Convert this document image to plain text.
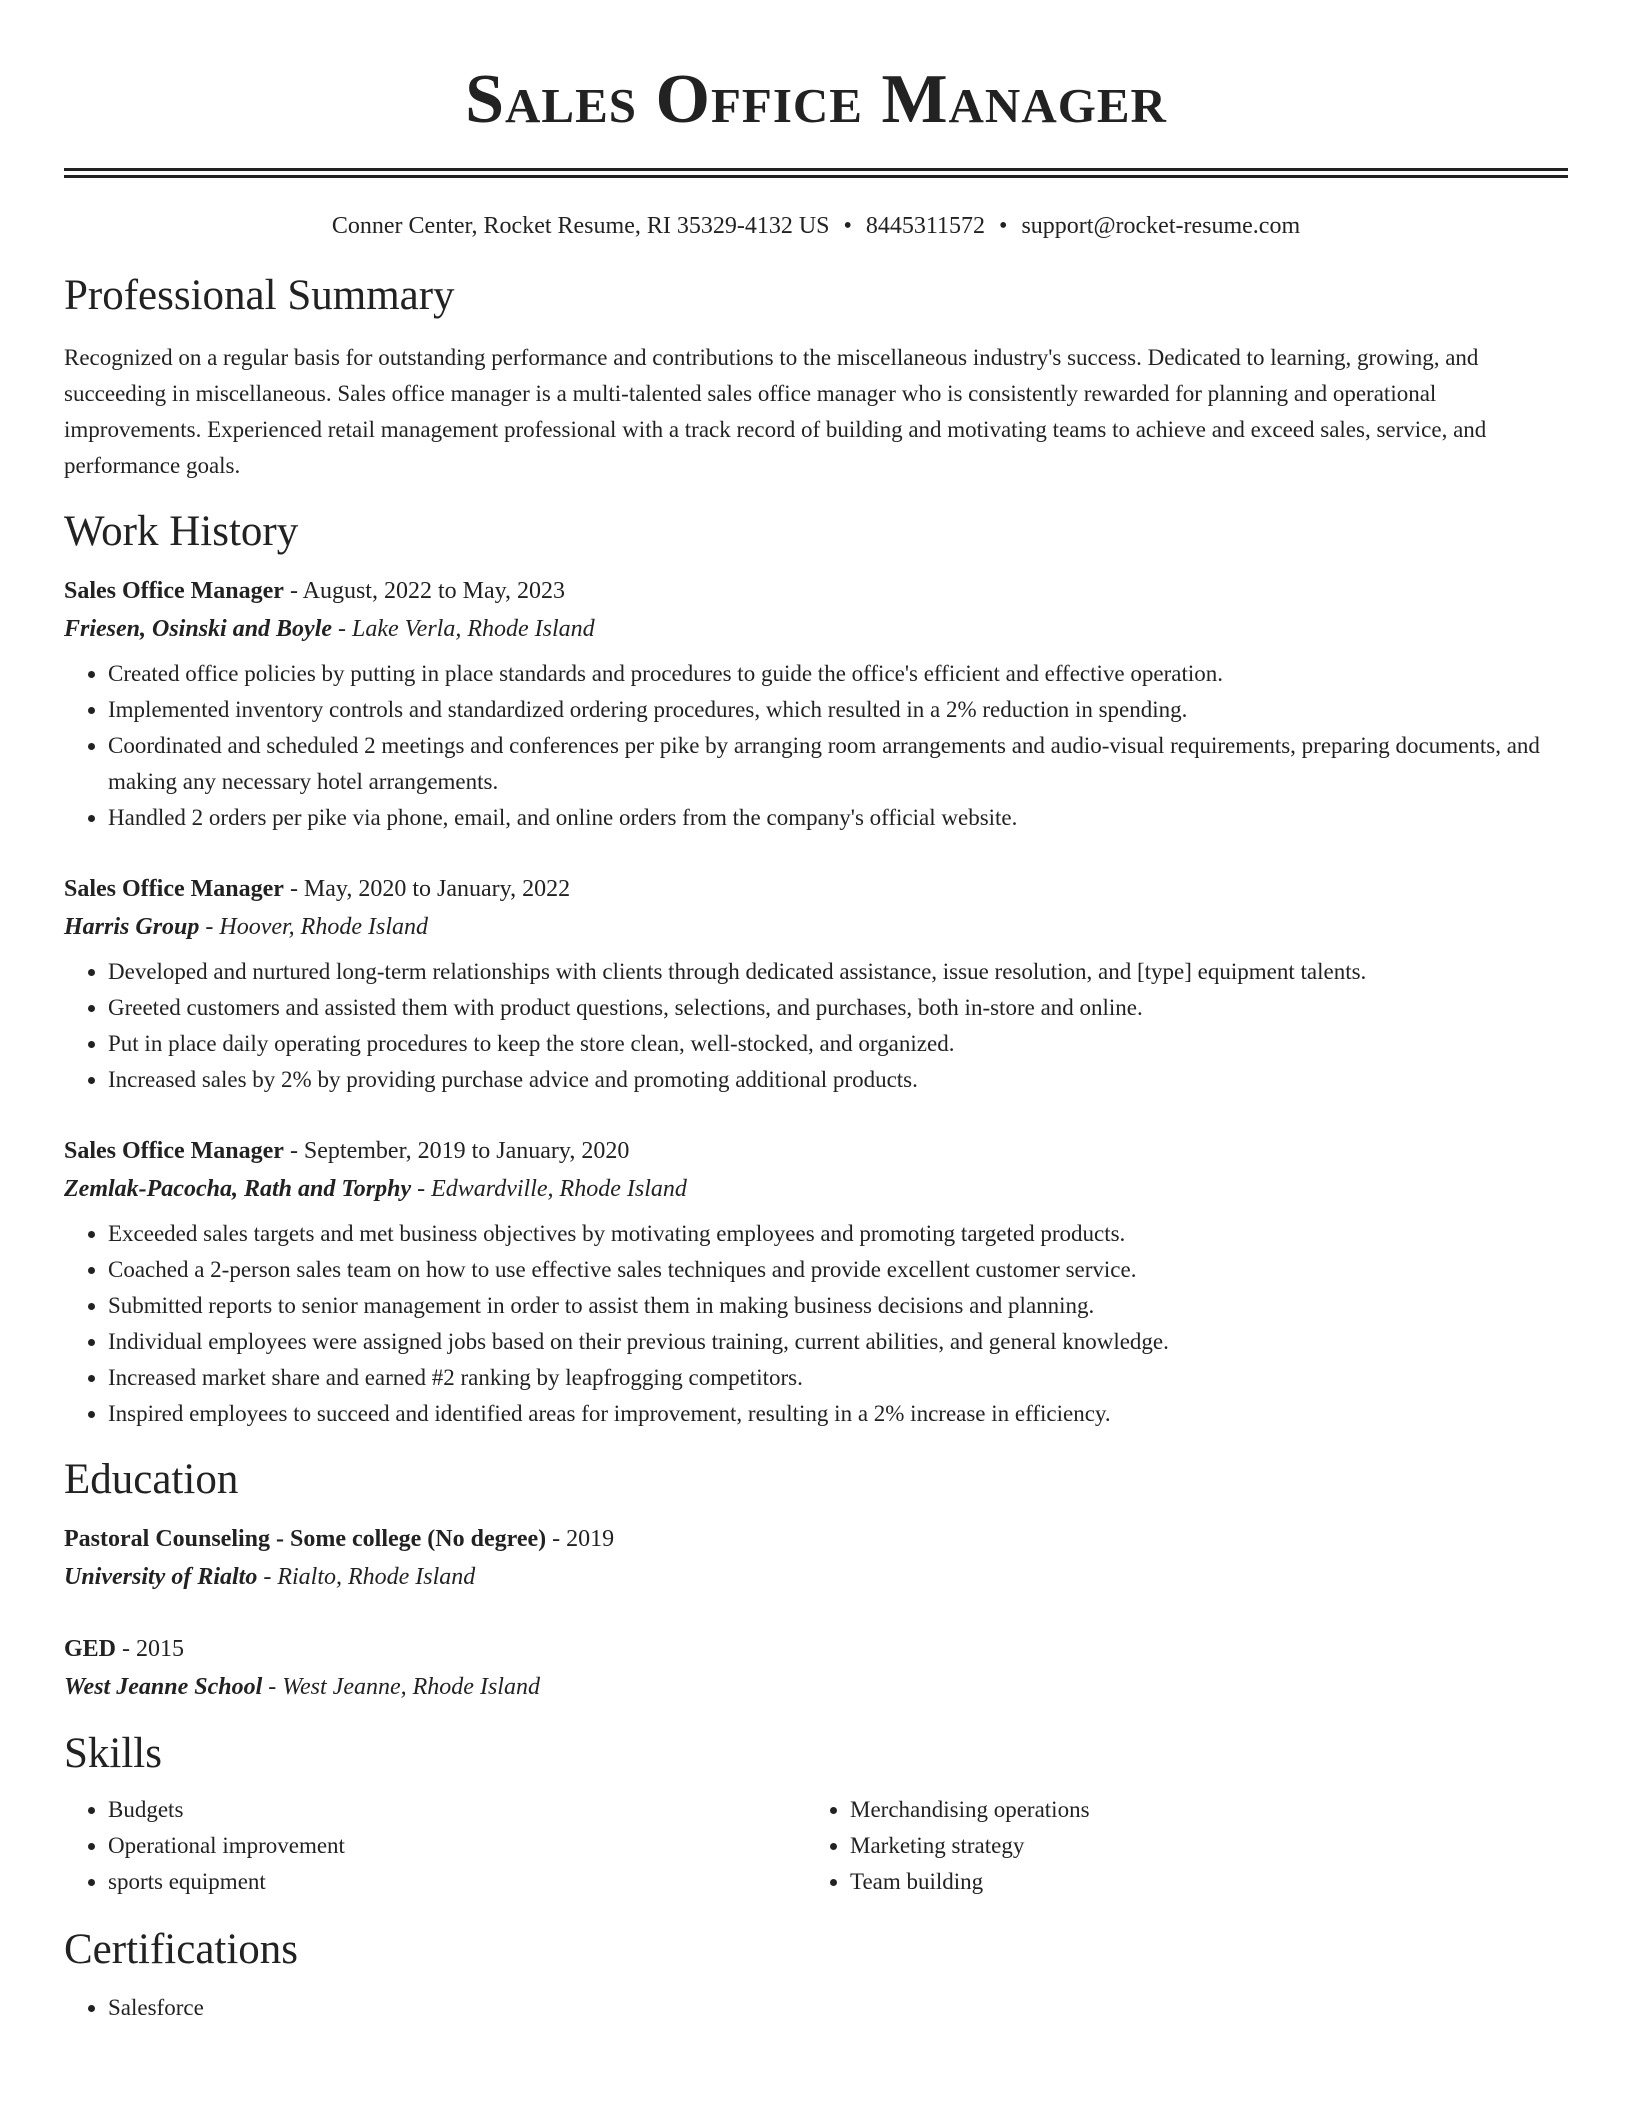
Sales Office Manager
Conner Center, Rocket Resume, RI 35329-4132 US • 8445311572 • support@rocket-resume.com
Professional Summary
Recognized on a regular basis for outstanding performance and contributions to the miscellaneous industry's success. Dedicated to learning, growing, and succeeding in miscellaneous. Sales office manager is a multi-talented sales office manager who is consistently rewarded for planning and operational improvements. Experienced retail management professional with a track record of building and motivating teams to achieve and exceed sales, service, and performance goals.
Work History
Sales Office Manager - August, 2022 to May, 2023
Friesen, Osinski and Boyle - Lake Verla, Rhode Island
• Created office policies by putting in place standards and procedures to guide the office's efficient and effective operation.
• Implemented inventory controls and standardized ordering procedures, which resulted in a 2% reduction in spending.
• Coordinated and scheduled 2 meetings and conferences per pike by arranging room arrangements and audio-visual requirements, preparing documents, and making any necessary hotel arrangements.
• Handled 2 orders per pike via phone, email, and online orders from the company's official website.
Sales Office Manager - May, 2020 to January, 2022
Harris Group - Hoover, Rhode Island
• Developed and nurtured long-term relationships with clients through dedicated assistance, issue resolution, and [type] equipment talents.
• Greeted customers and assisted them with product questions, selections, and purchases, both in-store and online.
• Put in place daily operating procedures to keep the store clean, well-stocked, and organized.
• Increased sales by 2% by providing purchase advice and promoting additional products.
Sales Office Manager - September, 2019 to January, 2020
Zemlak-Pacocha, Rath and Torphy - Edwardville, Rhode Island
• Exceeded sales targets and met business objectives by motivating employees and promoting targeted products.
• Coached a 2-person sales team on how to use effective sales techniques and provide excellent customer service.
• Submitted reports to senior management in order to assist them in making business decisions and planning.
• Individual employees were assigned jobs based on their previous training, current abilities, and general knowledge.
• Increased market share and earned #2 ranking by leapfrogging competitors.
• Inspired employees to succeed and identified areas for improvement, resulting in a 2% increase in efficiency.
Education
Pastoral Counseling - Some college (No degree) - 2019
University of Rialto - Rialto, Rhode Island
GED - 2015
West Jeanne School - West Jeanne, Rhode Island
Skills
• Budgets
• Operational improvement
• sports equipment
• Merchandising operations
• Marketing strategy
• Team building
Certifications
• Salesforce
